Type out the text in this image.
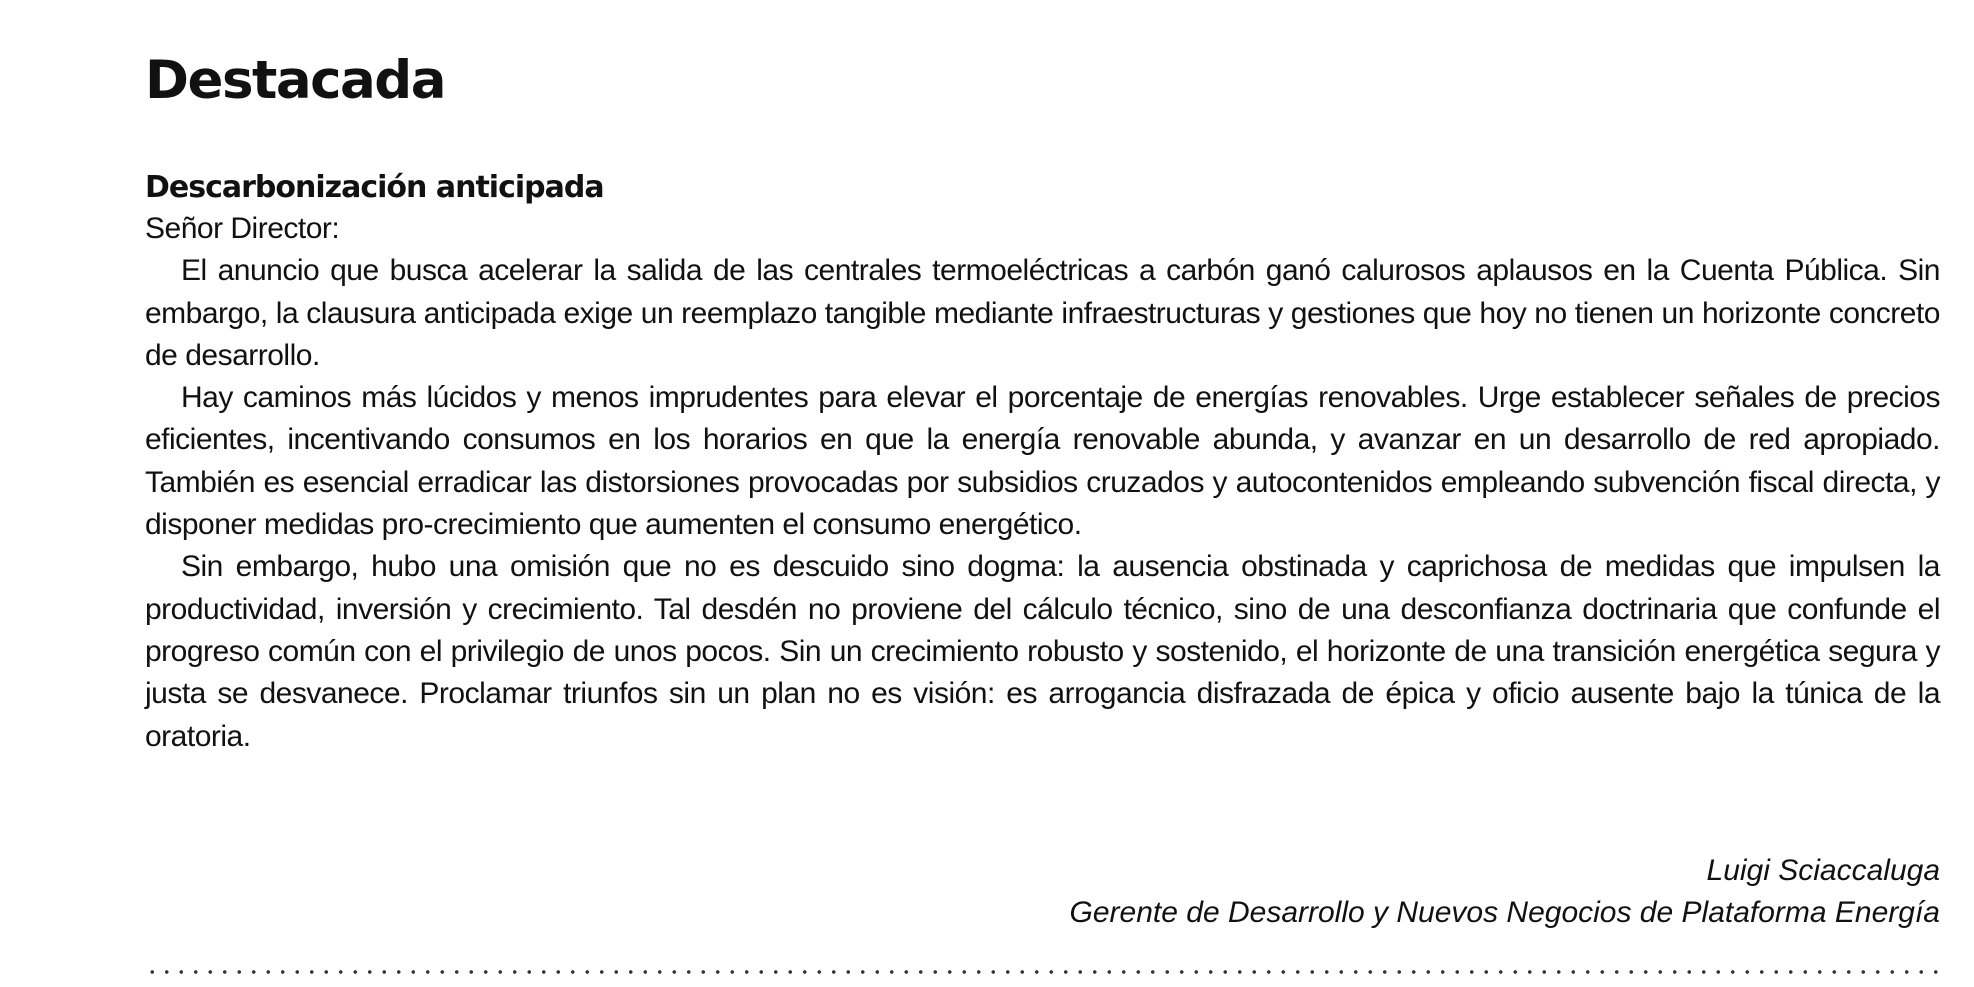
Destacada
Descarbonización anticipada

Señor Director:

El anuncio que busca acelerar la salida de las centrales termoeléctricas a carbón ganó calurosos aplausos en la Cuenta Pública. Sin embargo, la clausura anticipada exige un reemplazo tangible mediante infraestructuras y gestiones que hoy no tienen un horizonte concreto de desarrollo.

Hay caminos más lúcidos y menos imprudentes para elevar el porcentaje de energías renovables. Urge establecer señales de precios eficientes, incentivando consumos en los horarios en que la energía renovable abunda, y avanzar en un desarrollo de red apropiado. También es esencial erradicar las distorsiones provocadas por subsidios cruzados y autocontenidos empleando subvención fiscal directa, y disponer medidas pro-crecimiento que aumenten el consumo energético.

Sin embargo, hubo una omisión que no es descuido sino dogma: la ausencia obstinada y caprichosa de medidas que impulsen la productividad, inversión y crecimiento. Tal desdén no proviene del cálculo técnico, sino de una desconfianza doctrinaria que confunde el progreso común con el privilegio de unos pocos. Sin un crecimiento robusto y sostenido, el horizonte de una transición energética segura y justa se desvanece. Proclamar triunfos sin un plan no es visión: es arrogancia disfrazada de épica y oficio ausente bajo la túnica de la oratoria.

Luigi Sciaccaluga
Gerente de Desarrollo y Nuevos Negocios de Plataforma Energía
